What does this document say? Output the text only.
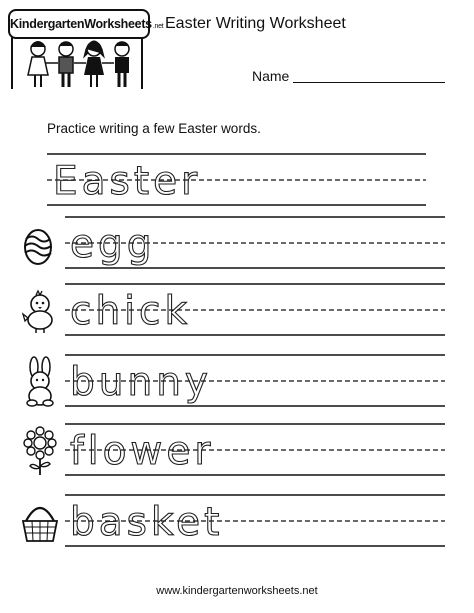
KindergartenWorksheets.net Easter Writing Worksheet
Name
Practice writing a few Easter words.
Easter
egg
chick
bunny
flower
basket
www.kindergartenworksheets.net
